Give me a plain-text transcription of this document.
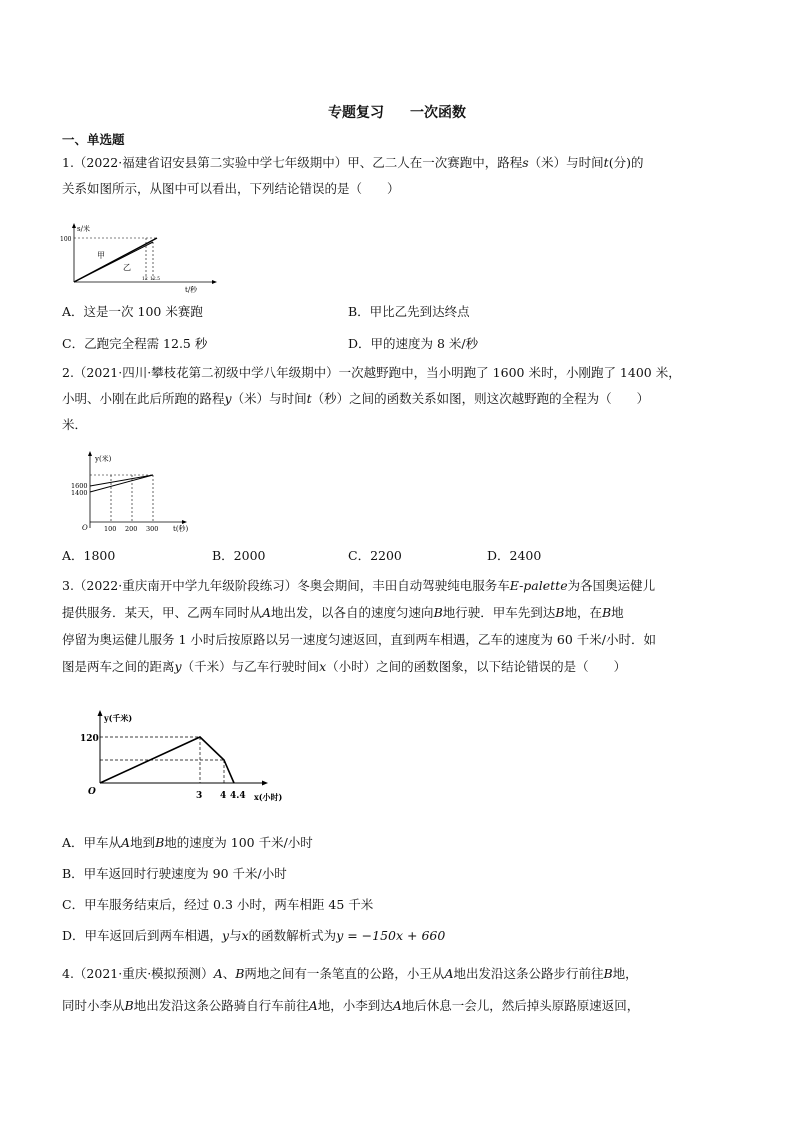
专题复习 一次函数
一、单选题
1.（2022·福建省诏安县第二实验中学七年级期中）甲、乙二人在一次赛跑中，路程s（米）与时间t(分)的
关系如图所示，从图中可以看出，下列结论错误的是（　　）
s/米
100
甲
乙
12 12.5
t/秒
A．这是一次 100 米赛跑	B．甲比乙先到达终点
C．乙跑完全程需 12.5 秒	D．甲的速度为 8 米/秒
2.（2021·四川·攀枝花第二初级中学八年级期中）一次越野跑中，当小明跑了 1600 米时，小刚跑了 1400 米，
小明、小刚在此后所跑的路程y（米）与时间t（秒）之间的函数关系如图，则这次越野跑的全程为（　　）
米．
y(米)
1600
1400
O	100 200 300 t(秒)
A．1800	B．2000	C．2200	D．2400
3.（2022·重庆南开中学九年级阶段练习）冬奥会期间，丰田自动驾驶纯电服务车E-palette为各国奥运健儿
提供服务．某天，甲、乙两车同时从A地出发，以各自的速度匀速向B地行驶．甲车先到达B地，在B地
停留为奥运健儿服务 1 小时后按原路以另一速度匀速返回，直到两车相遇，乙车的速度为 60 千米/小时．如
图是两车之间的距离y（千米）与乙车行驶时间x（小时）之间的函数图象，以下结论错误的是（　　）
y(千米)
120
O	3 4 4.4 x(小时)
A．甲车从A地到B地的速度为 100 千米/小时
B．甲车返回时行驶速度为 90 千米/小时
C．甲车服务结束后，经过 0.3 小时，两车相距 45 千米
D．甲车返回后到两车相遇，y与x的函数解析式为y = −150x + 660
4.（2021·重庆·模拟预测）A、B两地之间有一条笔直的公路，小王从A地出发沿这条公路步行前往B地，
同时小李从B地出发沿这条公路骑自行车前往A地，小李到达A地后休息一会儿，然后掉头原路原速返回，
